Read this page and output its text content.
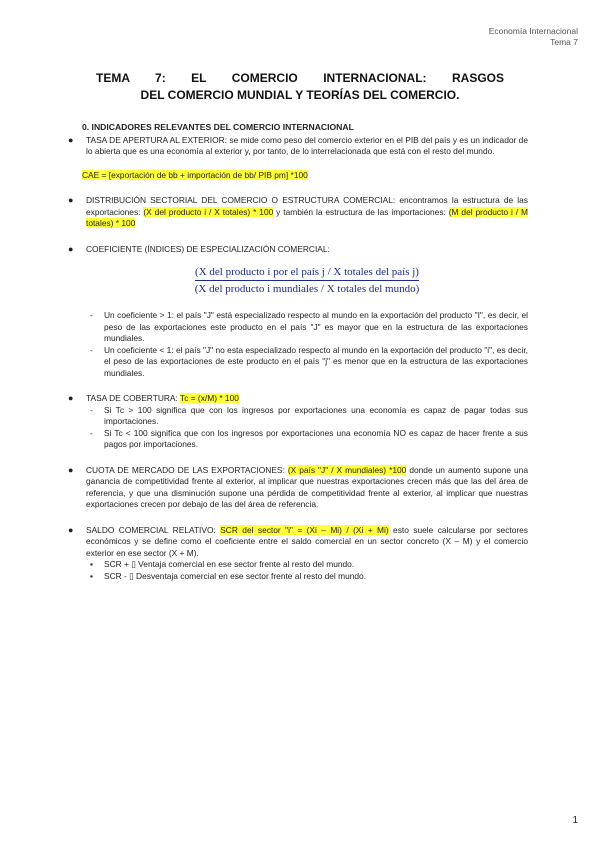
Economía Internacional
Tema 7
TEMA 7: EL COMERCIO INTERNACIONAL: RASGOS
DEL COMERCIO MUNDIAL Y TEORÍAS DEL COMERCIO.
0. INDICADORES RELEVANTES DEL COMERCIO INTERNACIONAL
● TASA DE APERTURA AL EXTERIOR: se mide como peso del comercio exterior en el PIB del país y es un indicador de lo abierta que es una economía al exterior y, por tanto, de lo interrelacionada que está con el resto del mundo.
CAE = [exportación de bb + importación de bb/ PIB pm] *100
● DISTRIBUCIÓN SECTORIAL DEL COMERCIO O ESTRUCTURA COMERCIAL: encontramos la estructura de las exportaciones: (X del producto i / X totales) * 100 y también la estructura de las importaciones: (M del producto i / M totales) * 100
● COEFICIENTE (ÍNDICES) DE ESPECIALIZACIÓN COMERCIAL:
(X del producto i por el país j / X totales del país j)
(X del producto i mundiales / X totales del mundo)
- Un coeficiente > 1: el país "J" está especializado respecto al mundo en la exportación del producto "I", es decir, el peso de las exportaciones este producto en el país "J" es mayor que en la estructura de las exportaciones mundiales.
- Un coeficiente < 1: el país "J" no esta especializado respecto al mundo en la exportación del producto "i", es decir, el peso de las exportaciones de este producto en el país "j" es menor que en la estructura de las exportaciones mundiales.
● TASA DE COBERTURA: Tc = (x/M) * 100
- Si Tc > 100 significa que con los ingresos por exportaciones una economía es capaz de pagar todas sus importaciones.
- Si Tc < 100 significa que con los ingresos por exportaciones una economía NO es capaz de hacer frente a sus pagos por importaciones.
● CUOTA DE MERCADO DE LAS EXPORTACIONES: (X país "J" / X mundiales) *100 donde un aumento supone una ganancia de competitividad frente al exterior, al implicar que nuestras exportaciones crecen más que las del área de referencia, y que una disminución supone una pérdida de competitividad frente al exterior, al implicar que nuestras exportaciones crecen por debajo de las del área de referencia.
● SALDO COMERCIAL RELATIVO: SCR del sector "i" = (Xi – Mi) / (Xi + Mi) esto suele calcularse por sectores económicos y se define como el coeficiente entre el saldo comercial en un sector concreto (X – M) y el comercio exterior en ese sector (X + M).
▪ SCR + ▯ Ventaja comercial en ese sector frente al resto del mundo.
▪ SCR - ▯ Desventaja comercial en ese sector frente al resto del mundo.
1
